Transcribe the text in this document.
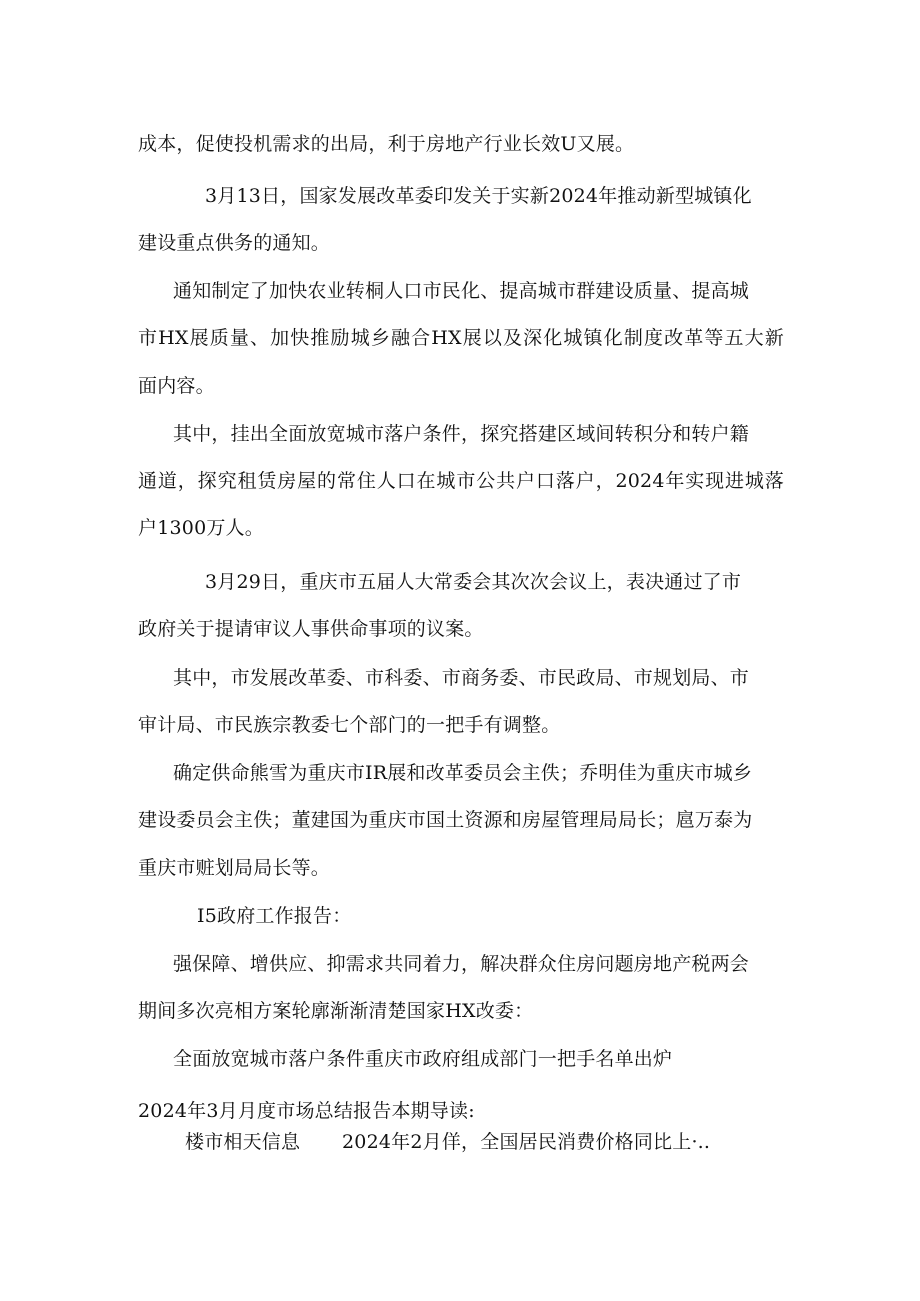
成本，促使投机需求的出局，利于房地产行业长效U又展。
3月13日，国家发展改革委印发关于实新2024年推动新型城镇化
建设重点供务的通知。
通知制定了加快农业转桐人口市民化、提高城市群建设质量、提高城
市HX展质量、加快推励城乡融合HX展以及深化城镇化制度改革等五大新
面内容。
其中，挂出全面放宽城市落户条件，探究搭建区域间转积分和转户籍
通道，探究租赁房屋的常住人口在城市公共户口落户，2024年实现进城落
户1300万人。
3月29日，重庆市五届人大常委会其次次会议上，表决通过了市
政府关于提请审议人事供命事项的议案。
其中，市发展改革委、市科委、市商务委、市民政局、市规划局、市
审计局、市民族宗教委七个部门的一把手有调整。
确定供命熊雪为重庆市IR展和改革委员会主佚；乔明佳为重庆市城乡
建设委员会主佚；董建国为重庆市国土资源和房屋管理局局长；扈万泰为
重庆市赃划局局长等。
I5政府工作报告：
强保障、增供应、抑需求共同着力，解决群众住房问题房地产税两会
期间多次亮相方案轮廓渐渐清楚国家HX改委：
全面放宽城市落户条件重庆市政府组成部门一把手名单出炉
2024年3月月度市场总结报告本期导读:
楼市相天信息 2024年2月佯，全国居民消费价格同比上·..
